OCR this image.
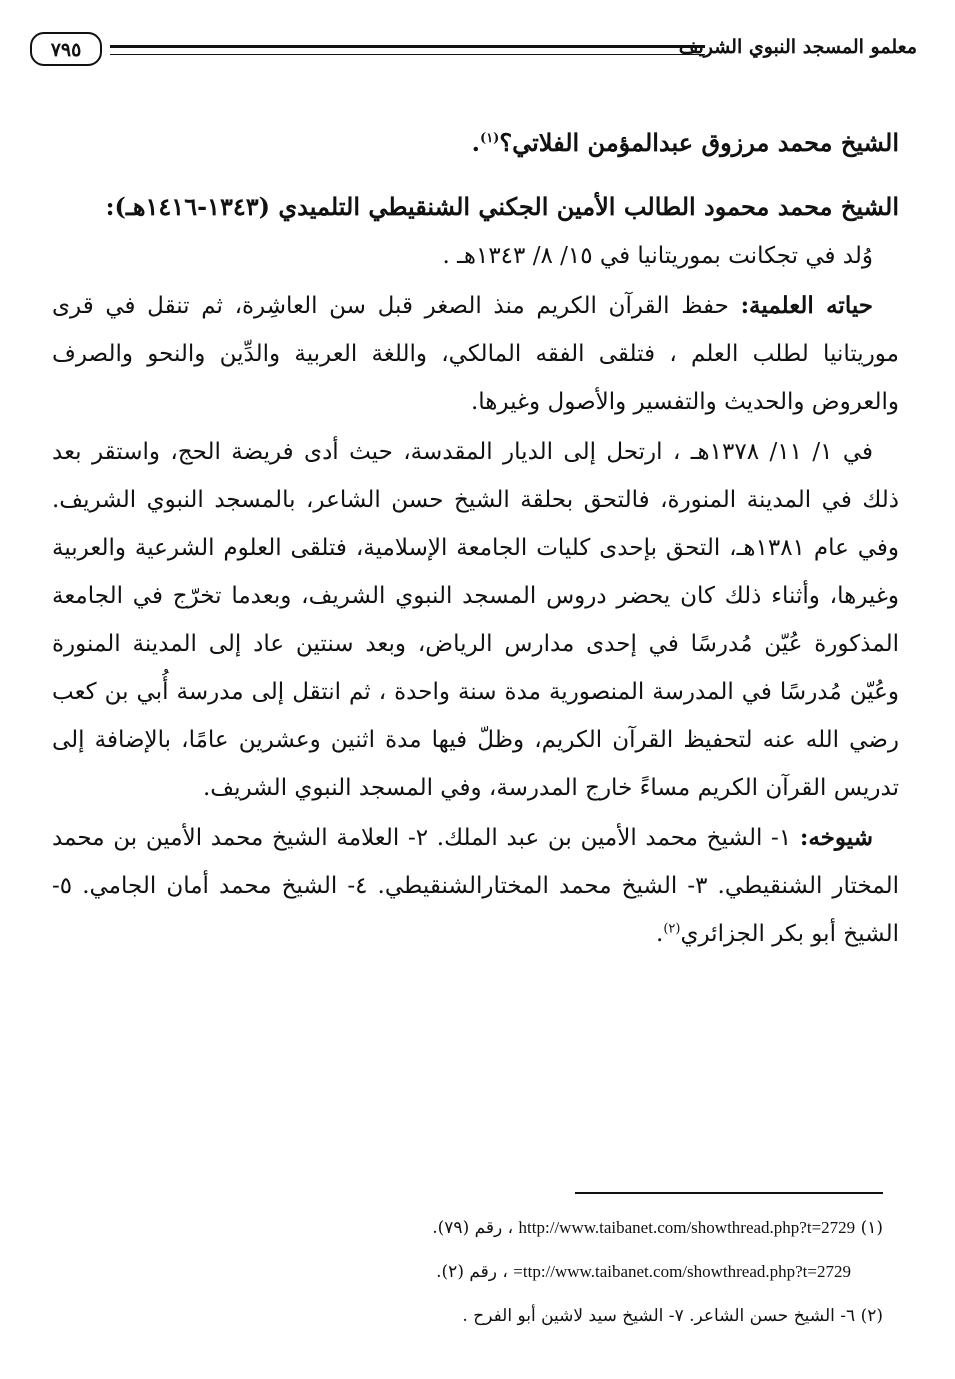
معلمو المسجد النبوي الشريف
٧٩٥

الشيخ محمد مرزوق عبدالمؤمن الفلاتي؟$^{(١)}$.

الشيخ محمد محمود الطالب الأمين الجكني الشنقيطي التلميدي (١٣٤٣-١٤١٦هـ):

وُلد في تجكانت بموريتانيا في ١٥/ ٨/ ١٣٤٣هـ .

حياته العلمية: حفظ القرآن الكريم منذ الصغر قبل سن العاشِرة، ثم تنقل في قرى موريتانيا لطلب العلم ، فتلقى الفقه المالكي، واللغة العربية والدِّين والنحو والصرف والعروض والحديث والتفسير والأصول وغيرها.

في ١/ ١١/ ١٣٧٨هـ ، ارتحل إلى الديار المقدسة، حيث أدى فريضة الحج، واستقر بعد ذلك في المدينة المنورة، فالتحق بحلقة الشيخ حسن الشاعر، بالمسجد النبوي الشريف. وفي عام ١٣٨١هـ، التحق بإحدى كليات الجامعة الإسلامية، فتلقى العلوم الشرعية والعربية وغيرها، وأثناء ذلك كان يحضر دروس المسجد النبوي الشريف، وبعدما تخرّج في الجامعة المذكورة عُيّن مُدرسًا في إحدى مدارس الرياض، وبعد سنتين عاد إلى المدينة المنورة وعُيّن مُدرسًا في المدرسة المنصورية مدة سنة واحدة ، ثم انتقل إلى مدرسة أُبي بن كعب رضي الله عنه لتحفيظ القرآن الكريم، وظلّ فيها مدة اثنين وعشرين عامًا، بالإضافة إلى تدريس القرآن الكريم مساءً خارج المدرسة، وفي المسجد النبوي الشريف.

شيوخه: ١- الشيخ محمد الأمين بن عبد الملك. ٢- العلامة الشيخ محمد الأمين بن محمد المختار الشنقيطي. ٣- الشيخ محمد المختارالشنقيطي. ٤- الشيخ محمد أمان الجامي. ٥- الشيخ أبو بكر الجزائري$^{(٢)}$.

(١) http://www.taibanet.com/showthread.php?t=2729 ، رقم (٧٩).
=ttp://www.taibanet.com/showthread.php?t=2729 ، رقم (٢).
(٢) ٦- الشيخ حسن الشاعر. ٧- الشيخ سيد لاشين أبو الفرح .
